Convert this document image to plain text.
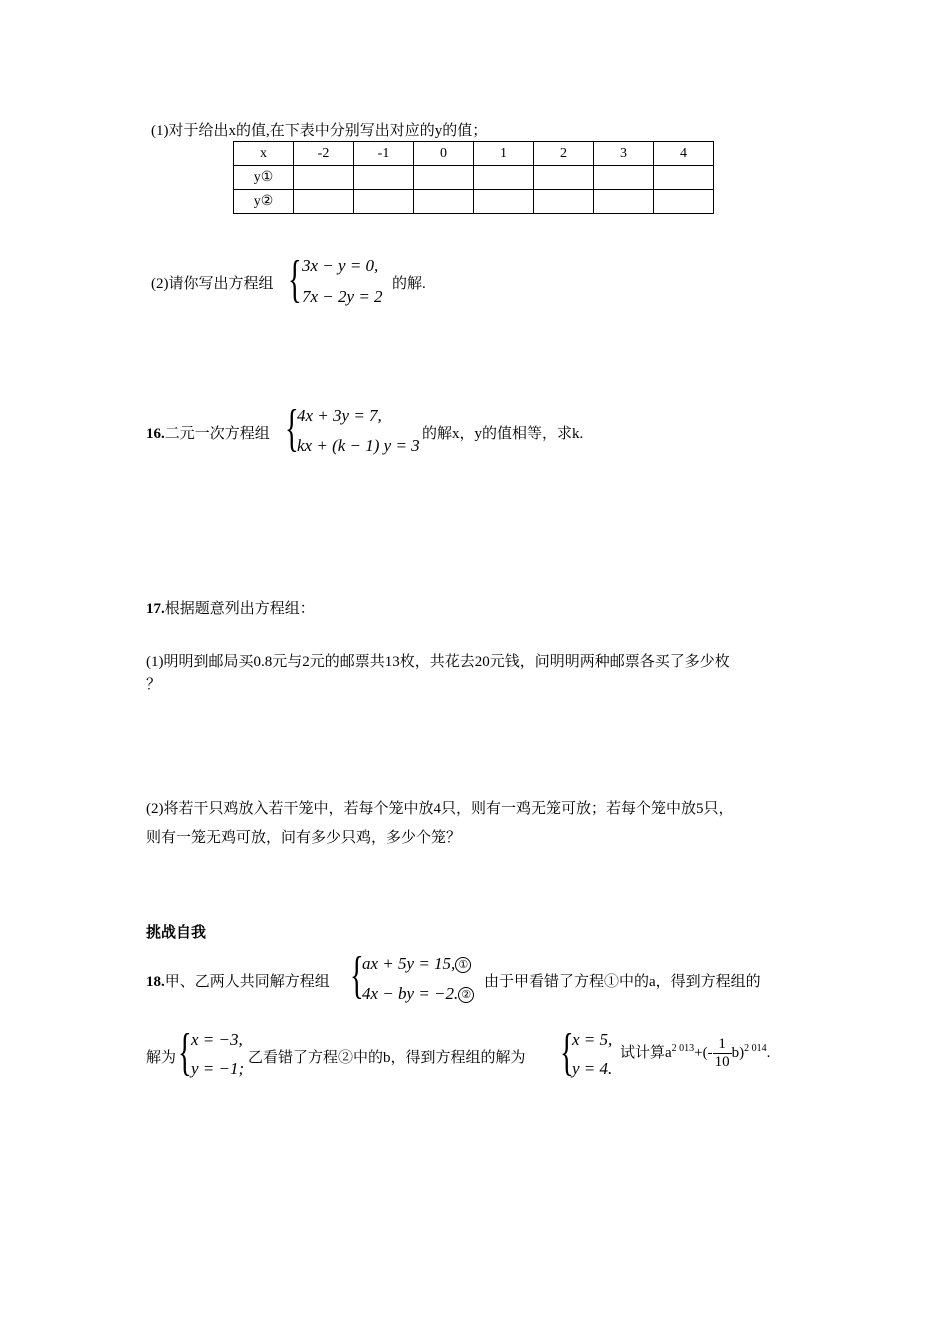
(1)对于给出x的值,在下表中分别写出对应的y的值；
x	-2	-1	0	1	2	3	4
y①							
y②							
(2)请你写出方程组 { 3x − y = 0,
7x − 2y = 2
的解.
16.二元一次方程组 {
4x + 3y = 7,
kx + (k − 1) y = 3
的解x，y的值相等，求k.
17.根据题意列出方程组：
(1)明明到邮局买0.8元与2元的邮票共13枚，共花去20元钱，问明明两种邮票各买了多少枚
？
(2)将若干只鸡放入若干笼中，若每个笼中放4只，则有一鸡无笼可放；若每个笼中放5只，
则有一笼无鸡可放，问有多少只鸡，多少个笼？
挑战自我
18.甲、乙两人共同解方程组 {
ax + 5y = 15, ①
4x − by = −2. ②
由于甲看错了方程①中的a，得到方程组的
解为 { x = −3,
y = −1;
乙看错了方程②中的b，得到方程组的解为 {
x = 5,
y = 4.
试计算$a^{2 013}+(- \frac{1}{10} b)^{2 014}$.
